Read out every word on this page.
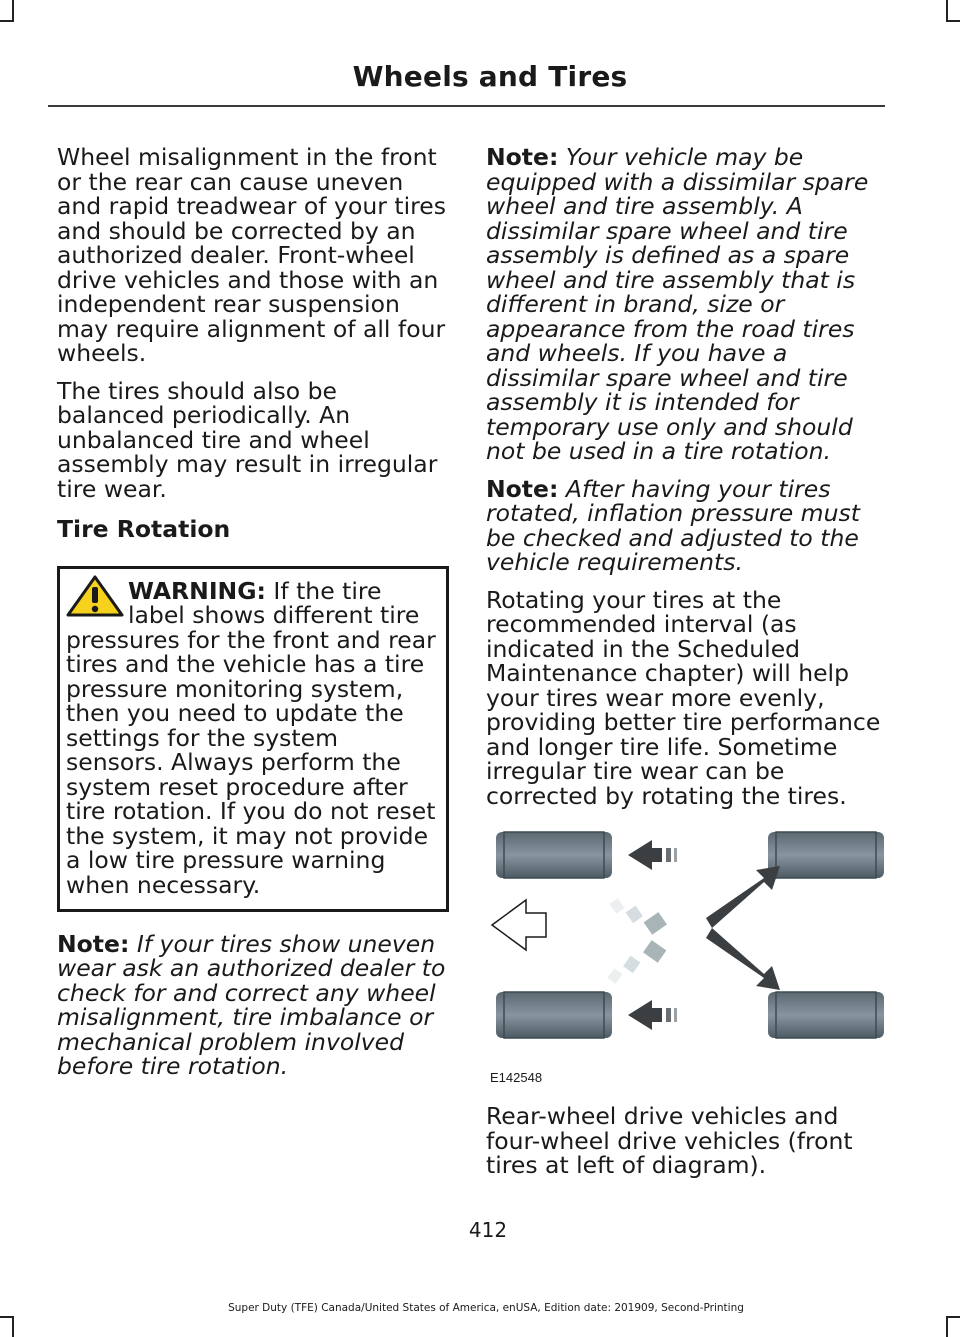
Wheels and Tires

Wheel misalignment in the front or the rear can cause uneven and rapid treadwear of your tires and should be corrected by an authorized dealer. Front-wheel drive vehicles and those with an independent rear suspension may require alignment of all four wheels.

The tires should also be balanced periodically. An unbalanced tire and wheel assembly may result in irregular tire wear.

Tire Rotation
WARNING: If the tire label shows different tire pressures for the front and rear tires and the vehicle has a tire pressure monitoring system, then you need to update the settings for the system sensors. Always perform the system reset procedure after tire rotation. If you do not reset the system, it may not provide a low tire pressure warning when necessary.

Note: If your tires show uneven wear ask an authorized dealer to check for and correct any wheel misalignment, tire imbalance or mechanical problem involved before tire rotation.

Note: Your vehicle may be equipped with a dissimilar spare wheel and tire assembly. A dissimilar spare wheel and tire assembly is defined as a spare wheel and tire assembly that is different in brand, size or appearance from the road tires and wheels. If you have a dissimilar spare wheel and tire assembly it is intended for temporary use only and should not be used in a tire rotation.

Note: After having your tires rotated, inflation pressure must be checked and adjusted to the vehicle requirements.

Rotating your tires at the recommended interval (as indicated in the Scheduled Maintenance chapter) will help your tires wear more evenly, providing better tire performance and longer tire life. Sometime irregular tire wear can be corrected by rotating the tires.

E142548

Rear-wheel drive vehicles and four-wheel drive vehicles (front tires at left of diagram).

412
Super Duty (TFE) Canada/United States of America, enUSA, Edition date: 201909, Second-Printing
